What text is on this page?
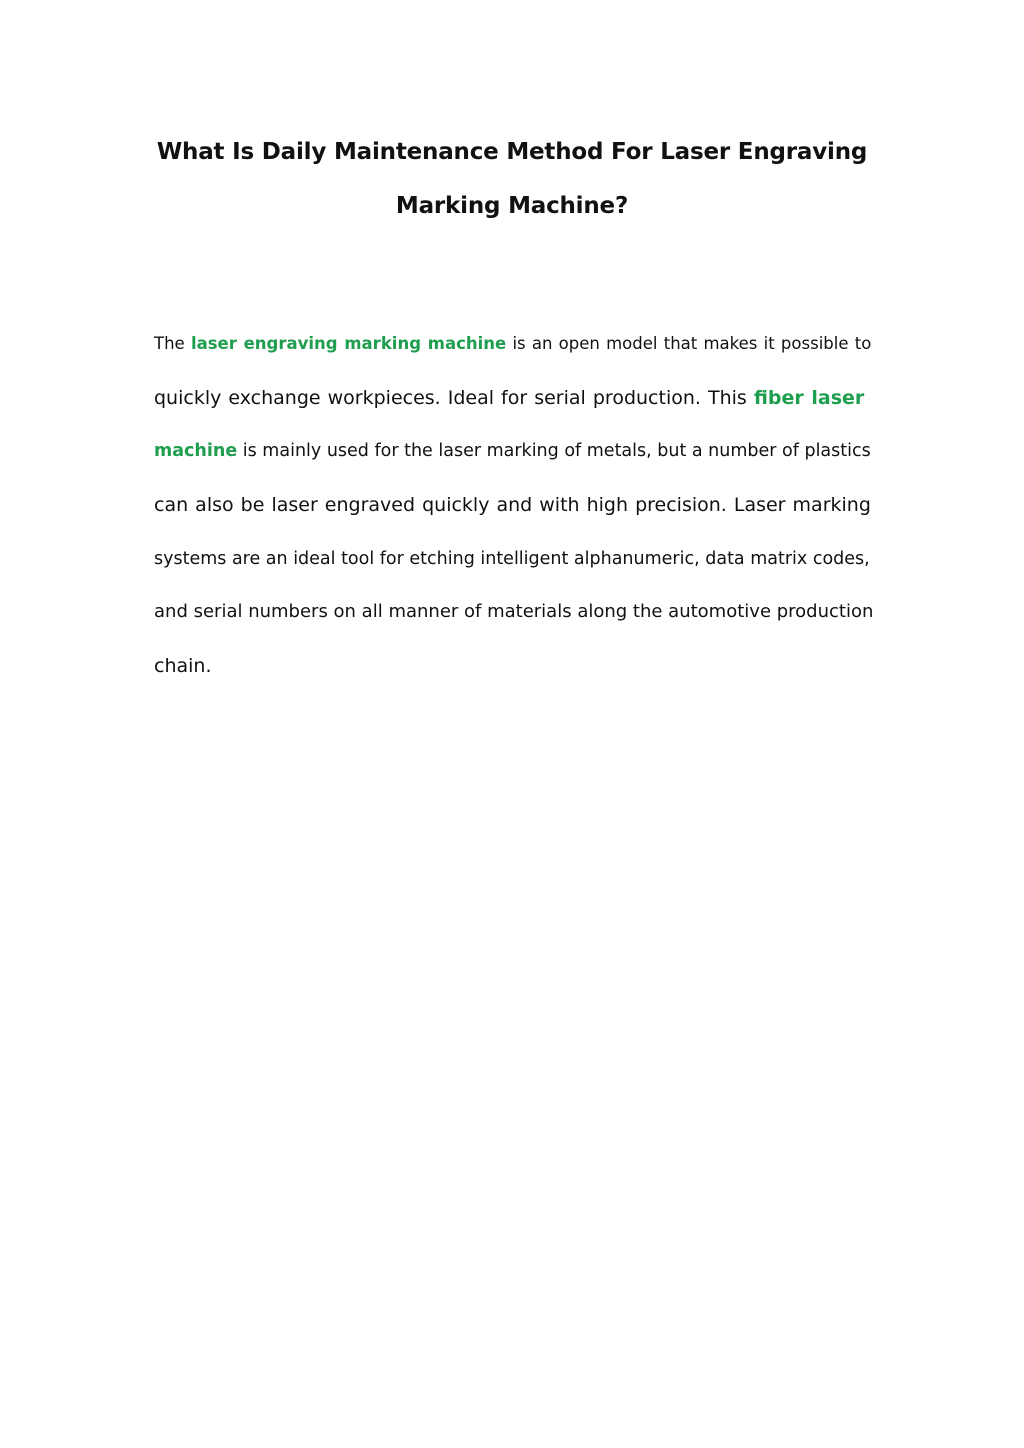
What Is Daily Maintenance Method For Laser Engraving
Marking Machine?

The laser engraving marking machine is an open model that makes it possible to

quickly exchange workpieces. Ideal for serial production. This fiber laser

machine is mainly used for the laser marking of metals, but a number of plastics

can also be laser engraved quickly and with high precision. Laser marking

systems are an ideal tool for etching intelligent alphanumeric, data matrix codes,

and serial numbers on all manner of materials along the automotive production

chain.
